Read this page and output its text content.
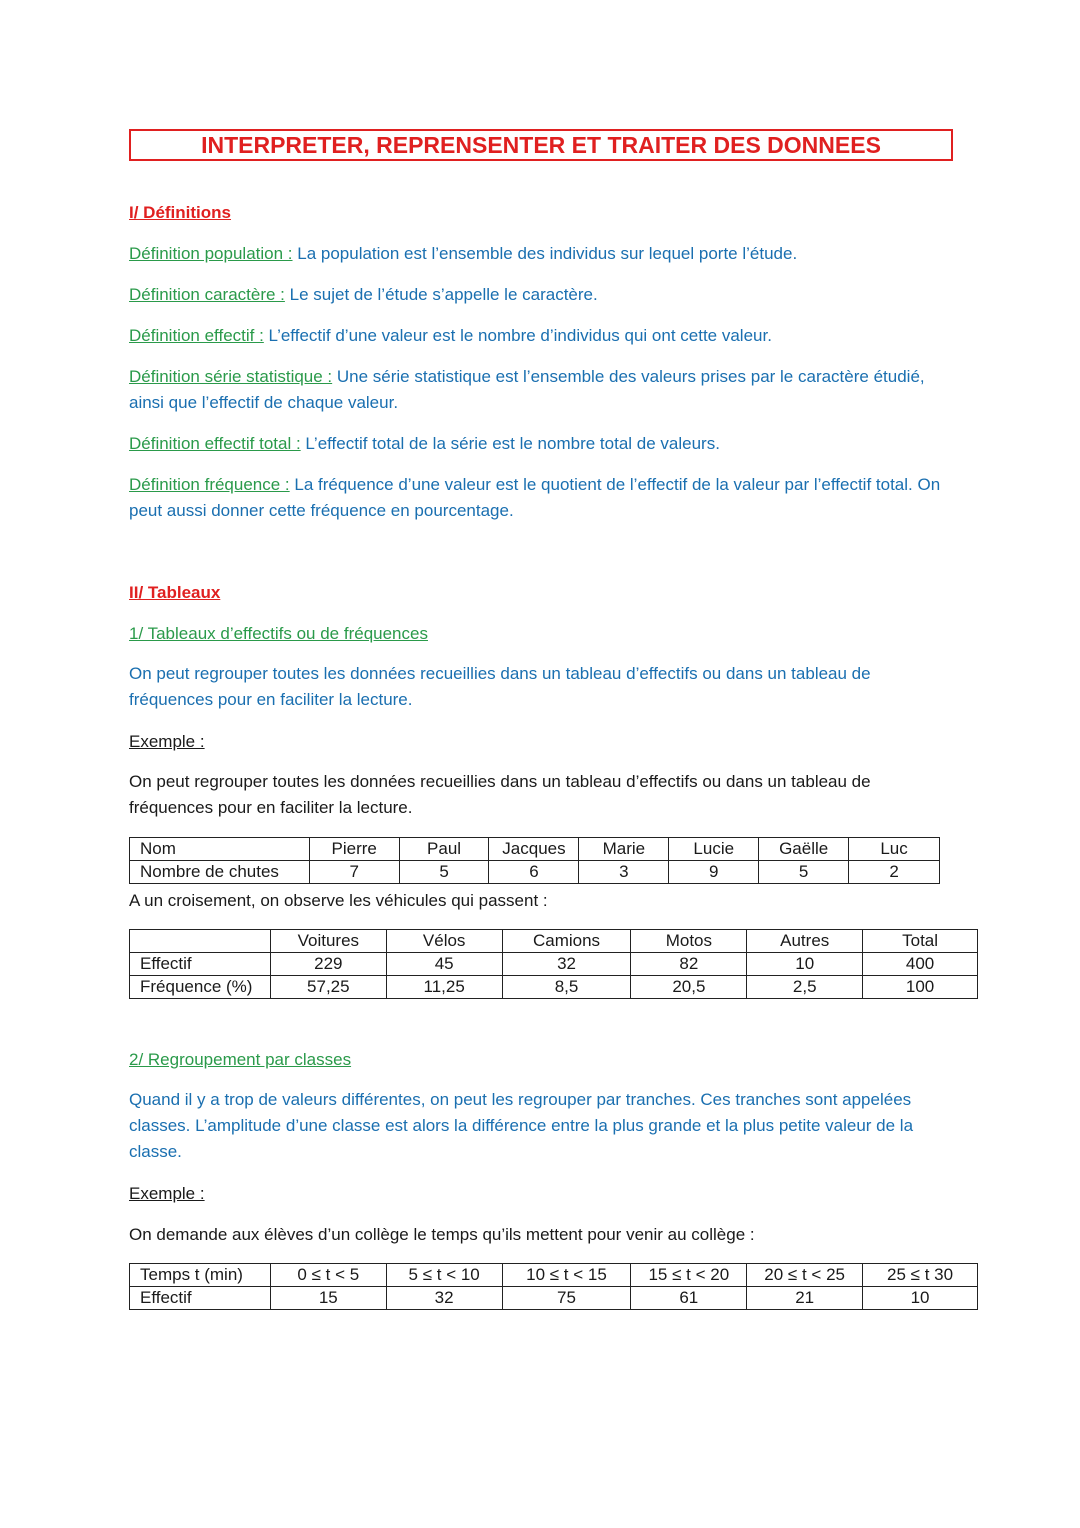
INTERPRETER, REPRENSENTER ET TRAITER DES DONNEES
I/ Définitions
Définition population : La population est l’ensemble des individus sur lequel porte l’étude.
Définition caractère : Le sujet de l’étude s’appelle le caractère.
Définition effectif : L’effectif d’une valeur est le nombre d’individus qui ont cette valeur.
Définition série statistique : Une série statistique est l’ensemble des valeurs prises par le caractère étudié, ainsi que l’effectif de chaque valeur.
Définition effectif total : L’effectif total de la série est le nombre total de valeurs.
Définition fréquence : La fréquence d’une valeur est le quotient de l’effectif de la valeur par l’effectif total. On peut aussi donner cette fréquence en pourcentage.
II/ Tableaux
1/ Tableaux d’effectifs ou de fréquences
On peut regrouper toutes les données recueillies dans un tableau d’effectifs ou dans un tableau de fréquences pour en faciliter la lecture.
Exemple :
On peut regrouper toutes les données recueillies dans un tableau d’effectifs ou dans un tableau de fréquences pour en faciliter la lecture.
Nom	Pierre	Paul	Jacques	Marie	Lucie	Gaëlle	Luc
Nombre de chutes	7	5	6	3	9	5	2
A un croisement, on observe les véhicules qui passent :
	Voitures	Vélos	Camions	Motos	Autres	Total
Effectif	229	45	32	82	10	400
Fréquence (%)	57,25	11,25	8,5	20,5	2,5	100
2/ Regroupement par classes
Quand il y a trop de valeurs différentes, on peut les regrouper par tranches. Ces tranches sont appelées classes. L’amplitude d’une classe est alors la différence entre la plus grande et la plus petite valeur de la classe.
Exemple :
On demande aux élèves d’un collège le temps qu’ils mettent pour venir au collège :
Temps t (min)	0 ≤ t < 5	5 ≤ t < 10	10 ≤ t < 15	15 ≤ t < 20	20 ≤ t < 25	25 ≤ t 30
Effectif	15	32	75	61	21	10
